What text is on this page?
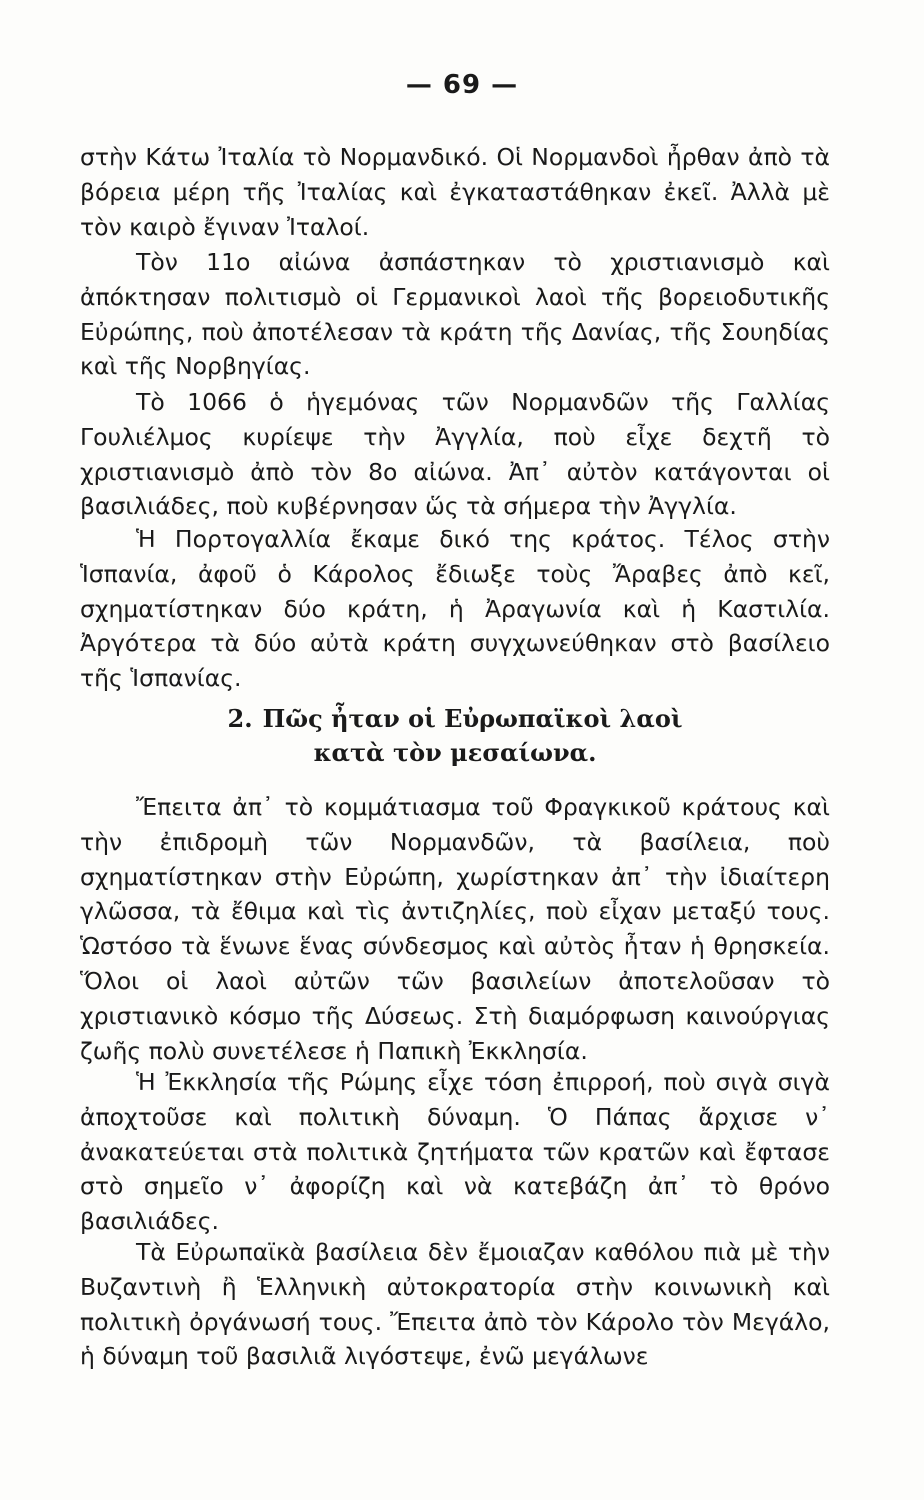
— 69 —

στὴν Κάτω Ἰταλία τὸ Νορμανδικό. Οἱ Νορμανδοὶ ἦρθαν ἀπὸ τὰ βόρεια μέρη τῆς Ἰταλίας καὶ ἐγκαταστάθηκαν ἐκεῖ. Ἀλλὰ μὲ τὸν καιρὸ ἔγιναν Ἰταλοί.

Τὸν 11ο αἰώνα ἀσπάστηκαν τὸ χριστιανισμὸ καὶ ἀπόκτησαν πολιτισμὸ οἱ Γερμανικοὶ λαοὶ τῆς βορειοδυτικῆς Εὐρώπης, ποὺ ἀποτέλεσαν τὰ κράτη τῆς Δανίας, τῆς Σουηδίας καὶ τῆς Νορβηγίας.

Τὸ 1066 ὁ ἡγεμόνας τῶν Νορμανδῶν τῆς Γαλλίας Γουλιέλμος κυρίεψε τὴν Ἀγγλία, ποὺ εἶχε δεχτῆ τὸ χριστιανισμὸ ἀπὸ τὸν 8ο αἰώνα. Ἀπ᾽ αὐτὸν κατάγονται οἱ βασιλιάδες, ποὺ κυβέρνησαν ὥς τὰ σήμερα τὴν Ἀγγλία.

Ἡ Πορτογαλλία ἔκαμε δικό της κράτος. Τέλος στὴν Ἱσπανία, ἀφοῦ ὁ Κάρολος ἔδιωξε τοὺς Ἄραβες ἀπὸ κεῖ, σχηματίστηκαν δύο κράτη, ἡ Ἀραγωνία καὶ ἡ Καστιλία. Ἀργότερα τὰ δύο αὐτὰ κράτη συγχωνεύθηκαν στὸ βασίλειο τῆς Ἱσπανίας.

2. Πῶς ἦταν οἱ Εὐρωπαϊκοὶ λαοὶ
κατὰ τὸν μεσαίωνα.

Ἔπειτα ἀπ᾽ τὸ κομμάτιασμα τοῦ Φραγκικοῦ κράτους καὶ τὴν ἐπιδρομὴ τῶν Νορμανδῶν, τὰ βασίλεια, ποὺ σχηματίστηκαν στὴν Εὐρώπη, χωρίστηκαν ἀπ᾽ τὴν ἰδιαίτερη γλῶσσα, τὰ ἔθιμα καὶ τὶς ἀντιζηλίες, ποὺ εἶχαν μεταξύ τους. Ὡστόσο τὰ ἕνωνε ἕνας σύνδεσμος καὶ αὐτὸς ἦταν ἡ θρησκεία. Ὅλοι οἱ λαοὶ αὐτῶν τῶν βασιλείων ἀποτελοῦσαν τὸ χριστιανικὸ κόσμο τῆς Δύσεως. Στὴ διαμόρφωση καινούργιας ζωῆς πολὺ συνετέλεσε ἡ Παπικὴ Ἐκκλησία.

Ἡ Ἐκκλησία τῆς Ρώμης εἶχε τόση ἐπιρροή, ποὺ σιγὰ σιγὰ ἀποχτοῦσε καὶ πολιτικὴ δύναμη. Ὁ Πάπας ἄρχισε ν᾽ ἀνακατεύεται στὰ πολιτικὰ ζητήματα τῶν κρατῶν καὶ ἔφτασε στὸ σημεῖο ν᾽ ἀφορίζη καὶ νὰ κατεβάζη ἀπ᾽ τὸ θρόνο βασιλιάδες.

Τὰ Εὐρωπαϊκὰ βασίλεια δὲν ἔμοιαζαν καθόλου πιὰ μὲ τὴν Βυζαντινὴ ἢ Ἑλληνικὴ αὐτοκρατορία στὴν κοινωνικὴ καὶ πολιτικὴ ὀργάνωσή τους. Ἔπειτα ἀπὸ τὸν Κάρολο τὸν Μεγάλο, ἡ δύναμη τοῦ βασιλιᾶ λιγόστεψε, ἐνῶ μεγάλωνε
